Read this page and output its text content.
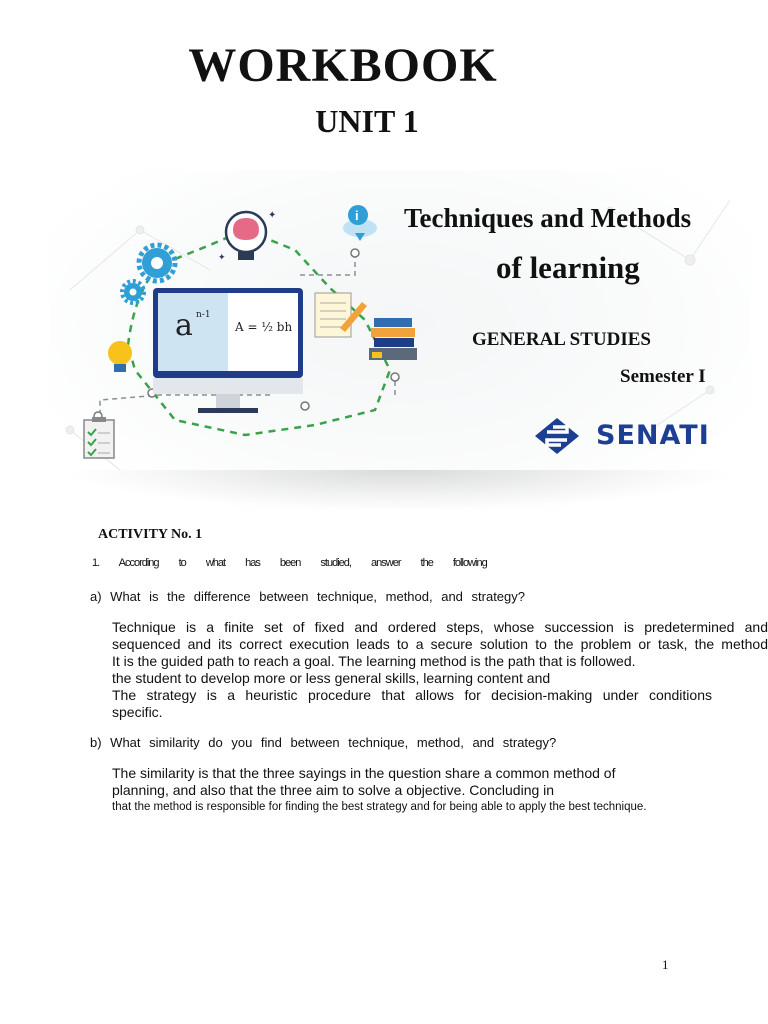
WORKBOOK
UNIT 1
✦
✦
i
a n-1
A = ½ bh
Techniques and Methods
of learning
GENERAL STUDIES
Semester I
SENATI
ACTIVITY No. 1
1. According to what has been studied, answer the following
a) What is the difference between technique, method, and strategy?
Technique is a finite set of fixed and ordered steps, whose succession is predetermined and
sequenced and its correct execution leads to a secure solution to the problem or task, the method
It is the guided path to reach a goal. The learning method is the path that is followed.
the student to develop more or less general skills, learning content and
The strategy is a heuristic procedure that allows for decision-making under conditions
specific.
b) What similarity do you find between technique, method, and strategy?
The similarity is that the three sayings in the question share a common method of
planning, and also that the three aim to solve a objective. Concluding in
that the method is responsible for finding the best strategy and for being able to apply the best technique.
1
